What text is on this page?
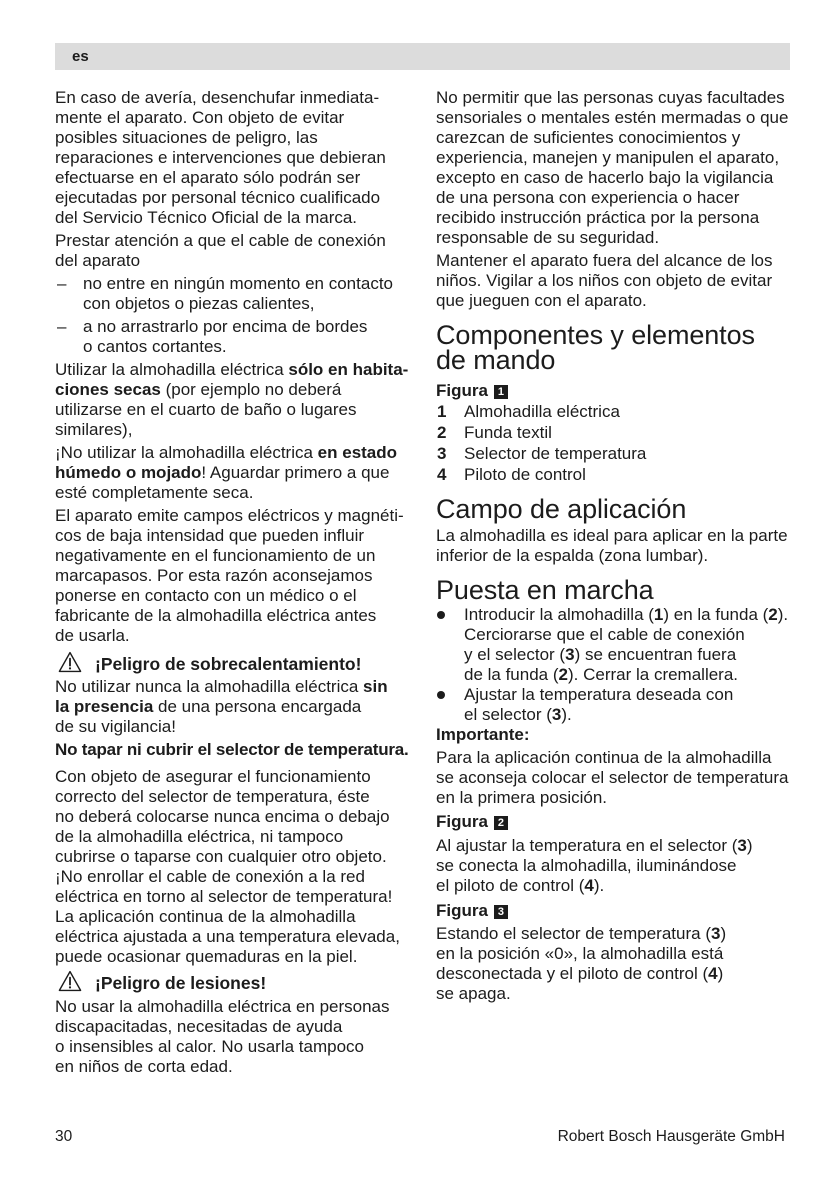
es

En caso de avería, desenchufar inmediata-
mente el aparato. Con objeto de evitar
posibles situaciones de peligro, las
reparaciones e intervenciones que debieran
efectuarse en el aparato sólo podrán ser
ejecutadas por personal técnico cualificado
del Servicio Técnico Oficial de la marca.

Prestar atención a que el cable de conexión
del aparato

– no entre en ningún momento en contacto
con objetos o piezas calientes,
– a no arrastrarlo por encima de bordes
o cantos cortantes.

Utilizar la almohadilla eléctrica sólo en habita-
ciones secas (por ejemplo no deberá
utilizarse en el cuarto de baño o lugares
similares),

¡No utilizar la almohadilla eléctrica en estado
húmedo o mojado! Aguardar primero a que
esté completamente seca.

El aparato emite campos eléctricos y magnéti-
cos de baja intensidad que pueden influir
negativamente en el funcionamiento de un
marcapasos. Por esta razón aconsejamos
ponerse en contacto con un médico o el
fabricante de la almohadilla eléctrica antes
de usarla.

¡Peligro de sobrecalentamiento!

No utilizar nunca la almohadilla eléctrica sin
la presencia de una persona encargada
de su vigilancia!

No tapar ni cubrir el selector de temperatura.

Con objeto de asegurar el funcionamiento
correcto del selector de temperatura, éste
no deberá colocarse nunca encima o debajo
de la almohadilla eléctrica, ni tampoco
cubrirse o taparse con cualquier otro objeto.
¡No enrollar el cable de conexión a la red
eléctrica en torno al selector de temperatura!
La aplicación continua de la almohadilla
eléctrica ajustada a una temperatura elevada,
puede ocasionar quemaduras en la piel.

¡Peligro de lesiones!

No usar la almohadilla eléctrica en personas
discapacitadas, necesitadas de ayuda
o insensibles al calor. No usarla tampoco
en niños de corta edad.

No permitir que las personas cuyas facultades
sensoriales o mentales estén mermadas o que
carezcan de suficientes conocimientos y
experiencia, manejen y manipulen el aparato,
excepto en caso de hacerlo bajo la vigilancia
de una persona con experiencia o hacer
recibido instrucción práctica por la persona
responsable de su seguridad.

Mantener el aparato fuera del alcance de los
niños. Vigilar a los niños con objeto de evitar
que jueguen con el aparato.

Componentes y elementos
de mando
Figura 1
1 Almohadilla eléctrica
2 Funda textil
3 Selector de temperatura
4 Piloto de control
Campo de aplicación

La almohadilla es ideal para aplicar en la parte
inferior de la espalda (zona lumbar).

Puesta en marcha
Introducir la almohadilla (1) en la funda (2).
Cerciorarse que el cable de conexión
y el selector (3) se encuentran fuera
de la funda (2). Cerrar la cremallera.
Ajustar la temperatura deseada con
el selector (3).

Importante:

Para la aplicación continua de la almohadilla
se aconseja colocar el selector de temperatura
en la primera posición.

Figura 2

Al ajustar la temperatura en el selector (3)
se conecta la almohadilla, iluminándose
el piloto de control (4).

Figura 3

Estando el selector de temperatura (3)
en la posición «0», la almohadilla está
desconectada y el piloto de control (4)
se apaga.

30	Robert Bosch Hausgeräte GmbH
